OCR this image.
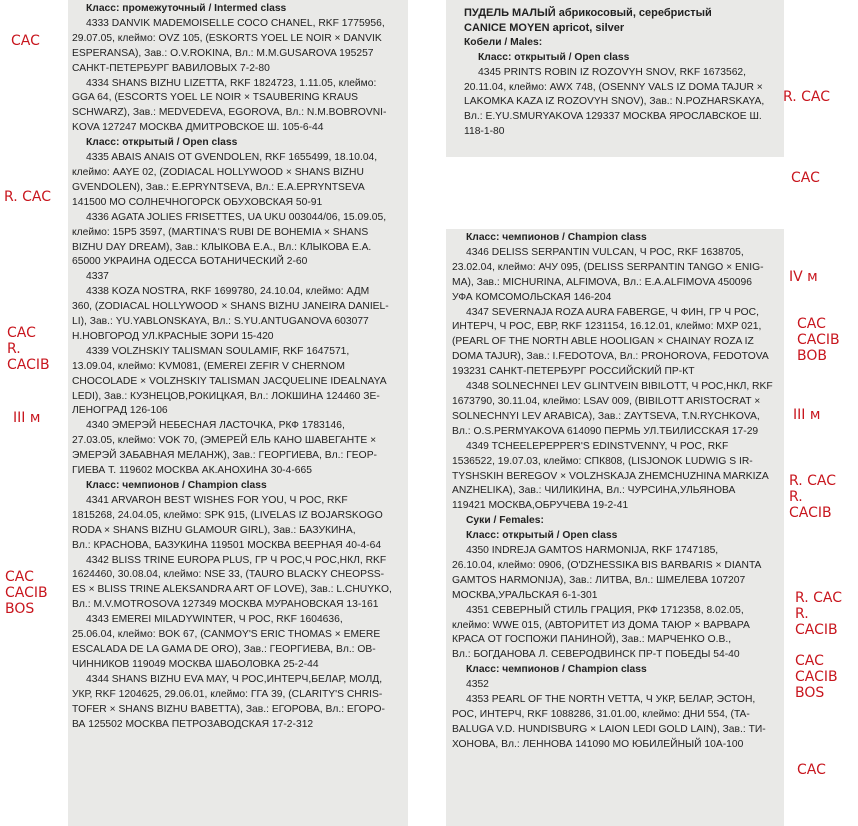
Класс: промежуточный / Intermed class
4333 DANVIK MADEMOISELLE COCO CHANEL, RKF 1775956,
29.07.05, клеймо: OVZ 105, (ESKORTS YOEL LE NOIR × DANVIK
ESPERANSA), Зав.: O.V.ROKINA, Вл.: M.M.GUSAROVA 195257
САНКТ-ПЕТЕРБУРГ ВАВИЛОВЫХ 7-2-80
4334 SHANS BIZHU LIZETTA, RKF 1824723, 1.11.05, клеймо:
GGA 64, (ESCORTS YOEL LE NOIR × TSAUBERING KRAUS
SCHWARZ), Зав.: MEDVEDEVA, EGOROVA, Вл.: N.M.BOBROVNI-
KOVA 127247 МОСКВА ДМИТРОВСКОЕ Ш. 105-6-44
Класс: открытый / Open class
4335 ABAIS ANAIS OT GVENDOLEN, RKF 1655499, 18.10.04,
клеймо: AAYE 02, (ZODIACAL HOLLYWOOD × SHANS BIZHU
GVENDOLEN), Зав.: E.EPRYNTSEVA, Вл.: E.A.EPRYNTSEVA
141500 МО СОЛНЕЧНОГОРСК ОБУХОВСКАЯ 50-91
4336 AGATA JOLIES FRISETTES, UA UKU 003044/06, 15.09.05,
клеймо: 15P5 3597, (MARTINA'S RUBI DE BOHEMIA × SHANS
BIZHU DAY DREAM), Зав.: КЛЫКОВА Е.А., Вл.: КЛЫКОВА Е.А.
65000 УКРАИНА ОДЕССА БОТАНИЧЕСКИЙ 2-60
4337
4338 KOZA NOSTRA, RKF 1699780, 24.10.04, клеймо: АДМ
360, (ZODIACAL HOLLYWOOD × SHANS BIZHU JANEIRA DANIEL-
LI), Зав.: YU.YABLONSKAYA, Вл.: S.YU.ANTUGANOVA 603077
Н.НОВГОРОД УЛ.КРАСНЫЕ ЗОРИ 15-420
4339 VOLZHSKIY TALISMAN SOULAMIF, RKF 1647571,
13.09.04, клеймо: KVM081, (EMEREI ZEFIR V CHERNOM
CHOCOLADE × VOLZHSKIY TALISMAN JACQUELINE IDEALNAYA
LEDI), Зав.: КУЗНЕЦОВ,РОКИЦКАЯ, Вл.: ЛОКШИНА 124460 ЗЕ-
ЛЕНОГРАД 126-106
4340 ЭМЕРЭЙ НЕБЕСНАЯ ЛАСТОЧКА, РКФ 1783146,
27.03.05, клеймо: VOK 70, (ЭМЕРЕЙ ЕЛЬ КАНО ШАВЕГАНТЕ ×
ЭМЕРЭЙ ЗАБАВНАЯ МЕЛАНЖ), Зав.: ГЕОРГИЕВА, Вл.: ГЕОР-
ГИЕВА Т. 119602 МОСКВА АК.АНОХИНА 30-4-665
Класс: чемпионов / Champion class
4341 ARVAROH BEST WISHES FOR YOU, Ч РОС, RKF
1815268, 24.04.05, клеймо: SPK 915, (LIVELAS IZ BOJARSKOGO
RODA × SHANS BIZHU GLAMOUR GIRL), Зав.: БАЗУКИНА,
Вл.: КРАСНОВА, БАЗУКИНА 119501 МОСКВА ВЕЕРНАЯ 40-4-64
4342 BLISS TRINE EUROPA PLUS, ГР Ч РОС,Ч РОС,НКЛ, RKF
1624460, 30.08.04, клеймо: NSE 33, (TAURO BLACKY CHEOPSS-
ES × BLISS TRINE ALEKSANDRA ART OF LOVE), Зав.: L.CHUYKO,
Вл.: M.V.MOTROSOVA 127349 МОСКВА МУРАНОВСКАЯ 13-161
4343 EMEREI MILADYWINTER, Ч РОС, RKF 1604636,
25.06.04, клеймо: BOK 67, (CANMOY'S ERIC THOMAS × EMERE
ESCALADA DE LA GAMA DE ORO), Зав.: ГЕОРГИЕВА, Вл.: ОВ-
ЧИННИКОВ 119049 МОСКВА ШАБОЛОВКА 25-2-44
4344 SHANS BIZHU EVA MAY, Ч РОС,ИНТЕРЧ,БЕЛАР, МОЛД,
УКР, RKF 1204625, 29.06.01, клеймо: ГГА 39, (CLARITY'S CHRIS-
TOFER × SHANS BIZHU BABETTA), Зав.: ЕГОРОВА, Вл.: ЕГОРО-
ВА 125502 МОСКВА ПЕТРОЗАВОДСКАЯ 17-2-312
ПУДЕЛЬ МАЛЫЙ абрикосовый, серебристый
CANICE MOYEN apricot, silver
Кобели / Males:
Класс: открытый / Open class
4345 PRINTS ROBIN IZ ROZOVYH SNOV, RKF 1673562,
20.11.04, клеймо: AWX 748, (OSENNY VALS IZ DOMA TAJUR ×
LAKOMKA KAZA IZ ROZOVYH SNOV), Зав.: N.POZHARSKAYA,
Вл.: E.YU.SMURYAKOVA 129337 МОСКВА ЯРОСЛАВСКОЕ Ш.
118-1-80
Класс: чемпионов / Champion class
4346 DELISS SERPANTIN VULCAN, Ч РОС, RKF 1638705,
23.02.04, клеймо: АЧУ 095, (DELISS SERPANTIN TANGO × ENIG-
MA), Зав.: MICHURINA, ALFIMOVA, Вл.: E.A.ALFIMOVA 450096
УФА КОМСОМОЛЬСКАЯ 146-204
4347 SEVERNAJA ROZA AURA FABERGE, Ч ФИН, ГР Ч РОС,
ИНТЕРЧ, Ч РОС, ЕВР, RKF 1231154, 16.12.01, клеймо: MXP 021,
(PEARL OF THE NORTH ABLE HOOLIGAN × CHAINAY ROZA IZ
DOMA TAJUR), Зав.: I.FEDOTOVA, Вл.: PROHOROVA, FEDOTOVA
193231 САНКТ-ПЕТЕРБУРГ РОССИЙСКИЙ ПР-КТ
4348 SOLNECHNEI LEV GLINTVEIN BIBILOTT, Ч РОС,НКЛ, RKF
1673790, 30.11.04, клеймо: LSAV 009, (BIBILOTT ARISTOCRAT ×
SOLNECHNYI LEV ARABICA), Зав.: ZAYTSEVA, T.N.RYCHKOVA,
Вл.: O.S.PERMYAKOVA 614090 ПЕРМЬ УЛ.ТБИЛИССКАЯ 17-29
4349 TCHEELEPEPPER'S EDINSTVENNY, Ч РОС, RKF
1536522, 19.07.03, клеймо: СПК808, (LISJONOK LUDWIG S IR-
TYSHSKIH BEREGOV × VOLZHSKAJA ZHEMCHUZHINA MARKIZA
ANZHELIKA), Зав.: ЧИЛИКИНА, Вл.: ЧУРСИНА,УЛЬЯНОВА
119421 МОСКВА,ОБРУЧЕВА 19-2-41
Суки / Females:
Класс: открытый / Open class
4350 INDREJA GAMTOS HARMONIJA, RKF 1747185,
26.10.04, клеймо: 0906, (O'DZHESSIKA BIS BARBARIS × DIANTA
GAMTOS HARMONIJA), Зав.: ЛИТВА, Вл.: ШМЕЛЕВА 107207
МОСКВА,УРАЛЬСКАЯ 6-1-301
4351 СЕВЕРНЫЙ СТИЛЬ ГРАЦИЯ, РКФ 1712358, 8.02.05,
клеймо: WWE 015, (АВТОРИТЕТ ИЗ ДОМА ТАЮР × ВАРВАРА
КРАСА ОТ ГОСПОЖИ ПАНИНОЙ), Зав.: МАРЧЕНКО О.В.,
Вл.: БОГДАНОВА Л. СЕВЕРОДВИНСК ПР-Т ПОБЕДЫ 54-40
Класс: чемпионов / Champion class
4352
4353 PEARL OF THE NORTH VETTA, Ч УКР, БЕЛАР, ЭСТОН,
РОС, ИНТЕРЧ, RKF 1088286, 31.01.00, клеймо: ДНИ 554, (TA-
BALUGA V.D. HUNDISBURG × LAION LEDI GOLD LAIN), Зав.: ТИ-
ХОНОВА, Вл.: ЛЕННОВА 141090 МО ЮБИЛЕЙНЫЙ 10А-100
CAC
R. CAC
CAC
R.
CACIB
III м
CAC
CACIB
BOS
R. CAC
CAC
IV м
CAC
CACIB
BOB
III м
R. CAC
R.
CACIB
R. CAC
R.
CACIB
CAC
CACIB
BOS
CAC
